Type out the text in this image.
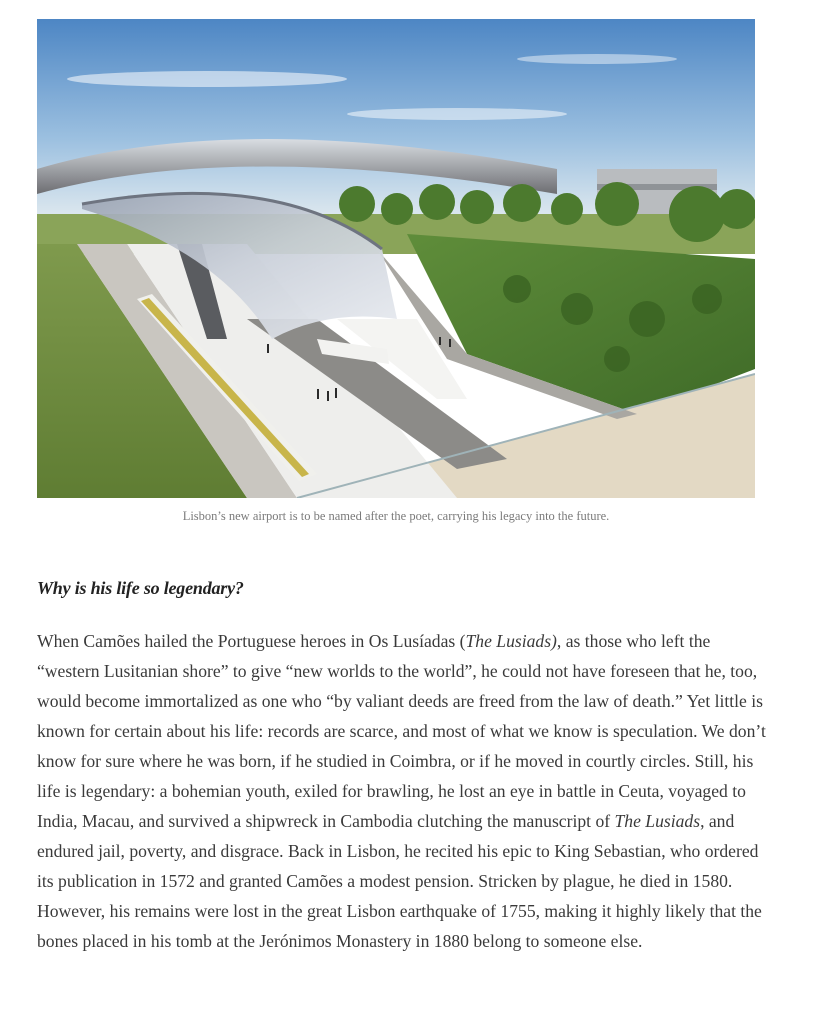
Lisbon’s new airport is to be named after the poet, carrying his legacy into the future.
Why is his life so legendary?

When Camões hailed the Portuguese heroes in Os Lusíadas (The Lusiads), as those who left the “western Lusitanian shore” to give “new worlds to the world”, he could not have foreseen that he, too, would become immortalized as one who “by valiant deeds are freed from the law of death.” Yet little is known for certain about his life: records are scarce, and most of what we know is speculation. We don’t know for sure where he was born, if he studied in Coimbra, or if he moved in courtly circles. Still, his life is legendary: a bohemian youth, exiled for brawling, he lost an eye in battle in Ceuta, voyaged to India, Macau, and survived a shipwreck in Cambodia clutching the manuscript of The Lusiads, and endured jail, poverty, and disgrace. Back in Lisbon, he recited his epic to King Sebastian, who ordered its publication in 1572 and granted Camões a modest pension. Stricken by plague, he died in 1580. However, his remains were lost in the great Lisbon earthquake of 1755, making it highly likely that the bones placed in his tomb at the Jerónimos Monastery in 1880 belong to someone else.
